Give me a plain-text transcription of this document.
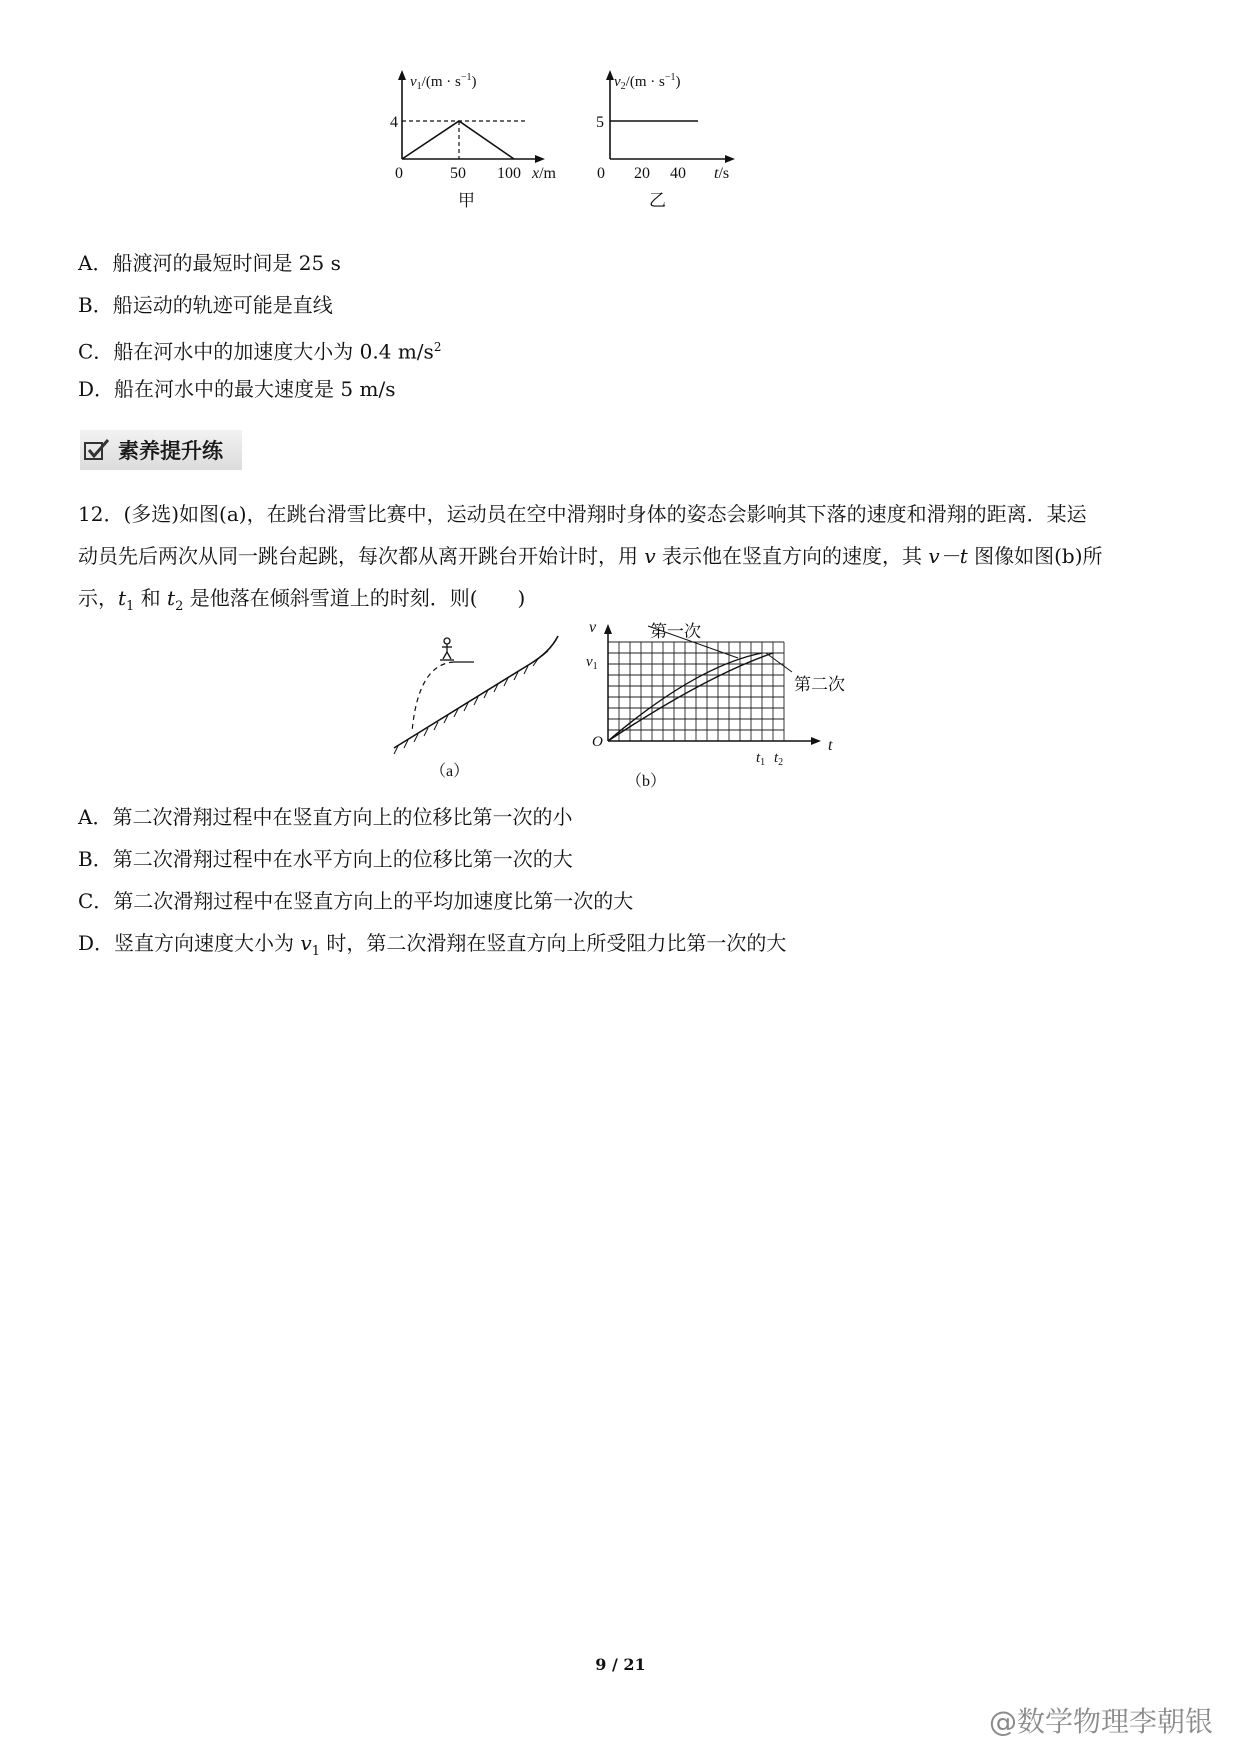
$v_1/(m \cdot s^{-1})$
4
0	50 100 x/m
甲
$v_2/(m \cdot s^{-1})$
5
0 20 40 t/s
乙
A．船渡河的最短时间是 25 s
B．船运动的轨迹可能是直线
C．船在河水中的加速度大小为 0.4 $m/s^2$
D．船在河水中的最大速度是 5 m/s
素养提升练
12．(多选)如图(a)，在跳台滑雪比赛中，运动员在空中滑翔时身体的姿态会影响其下落的速度和滑翔的距离．某运
动员先后两次从同一跳台起跳，每次都从离开跳台开始计时，用 v 表示他在竖直方向的速度，其 v－t 图像如图(b)所
示，$t_1$ 和 $t_2$ 是他落在倾斜雪道上的时刻．则(　　)
（a）
v
$v_1$
O	t
$t_1$ $t_2$
第一次
第二次
（b）
A．第二次滑翔过程中在竖直方向上的位移比第一次的小
B．第二次滑翔过程中在水平方向上的位移比第一次的大
C．第二次滑翔过程中在竖直方向上的平均加速度比第一次的大
D．竖直方向速度大小为 $v_1$ 时，第二次滑翔在竖直方向上所受阻力比第一次的大
9 / 21
@数学物理李朝银
